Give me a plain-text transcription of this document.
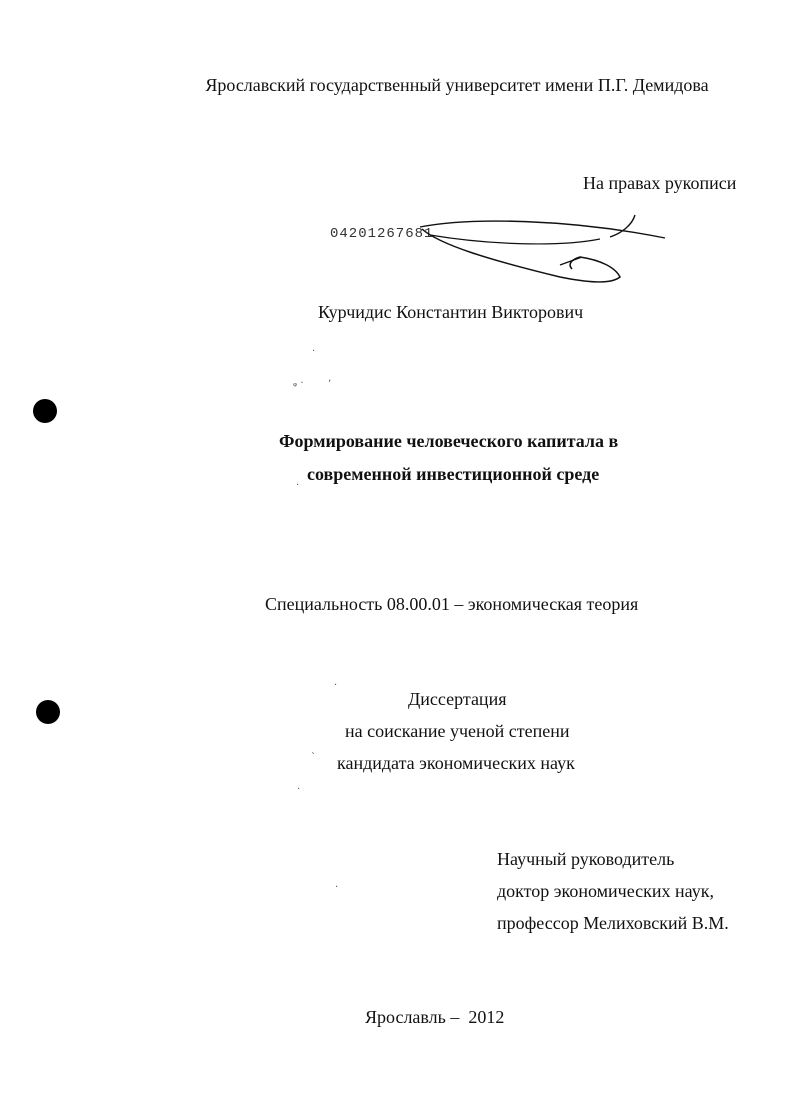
Ярославский государственный университет имени П.Г. Демидова
На правах рукописи
04201267681
Курчидис Константин Викторович
·
ᵩ · ‚
·
·
`
·
·
Формирование человеческого капитала в
современной инвестиционной среде
Специальность 08.00.01 – экономическая теория
Диссертация
на соискание ученой степени
кандидата экономических наук
Научный руководитель
доктор экономических наук,
профессор Мелиховский В.М.
Ярославль –  2012
